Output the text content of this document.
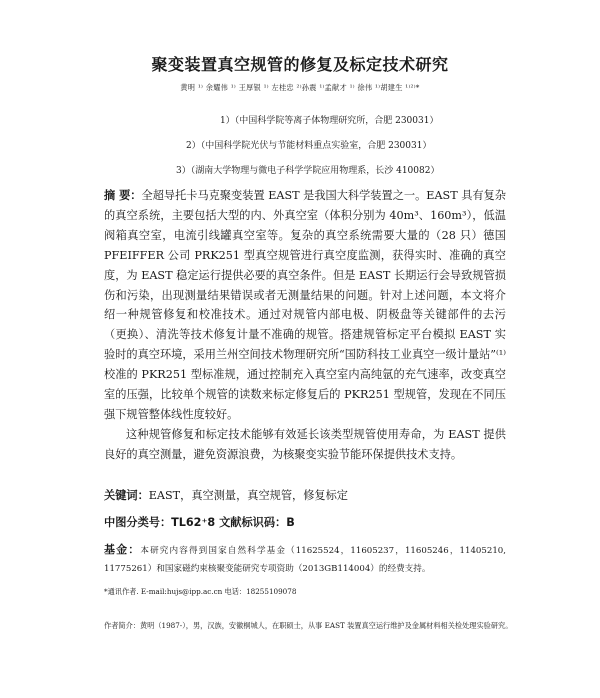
聚变装置真空规管的修复及标定技术研究
黄明 ¹⁾ 余耀伟 ¹⁾ 王厚银 ¹⁾ 左桂忠 ²⁾孙震 ¹⁾孟献才 ¹⁾ 徐伟 ¹⁾胡建生 ¹⁾²⁾*
1）（中国科学院等离子体物理研究所，合肥 230031）
2）（中国科学院光伏与节能材料重点实验室，合肥 230031）
3）（湖南大学物理与微电子科学学院应用物理系，长沙 410082）

摘 要：全超导托卡马克聚变装置 EAST 是我国大科学装置之一。EAST 具有复杂的真空系统，主要包括大型的内、外真空室（体积分别为 40m³、160m³），低温阀箱真空室，电流引线罐真空室等。复杂的真空系统需要大量的（28 只）德国 PFEIFFER 公司 PRK251 型真空规管进行真空度监测，获得实时、准确的真空度，为 EAST 稳定运行提供必要的真空条件。但是 EAST 长期运行会导致规管损伤和污染，出现测量结果错误或者无测量结果的问题。针对上述问题，本文将介绍一种规管修复和校准技术。通过对规管内部电极、阴极盘等关键部件的去污（更换）、清洗等技术修复计量不准确的规管。搭建规管标定平台模拟 EAST 实验时的真空环境，采用兰州空间技术物理研究所“国防科技工业真空一级计量站”⁽¹⁾校准的 PKR251 型标准规，通过控制充入真空室内高纯氩的充气速率，改变真空室的压强，比较单个规管的读数来标定修复后的 PKR251 型规管，发现在不同压强下规管整体线性度较好。

这种规管修复和标定技术能够有效延长该类型规管使用寿命，为 EAST 提供良好的真空测量，避免资源浪费，为核聚变实验节能环保提供技术支持。

关键词：EAST，真空测量，真空规管，修复标定
中图分类号：TL62⁺8 文献标识码：B
基金：本研究内容得到国家自然科学基金（11625524，11605237，11605246，11405210, 11775261）和国家磁约束核聚变能研究专项资助（2013GB114004）的经费支持。
*通讯作者. E-mail:hujs@ipp.ac.cn 电话：18255109078
作者简介：黄明（1987-），男，汉族，安徽桐城人，在职硕士，从事 EAST 装置真空运行维护及金属材料相关检处理实验研究。
